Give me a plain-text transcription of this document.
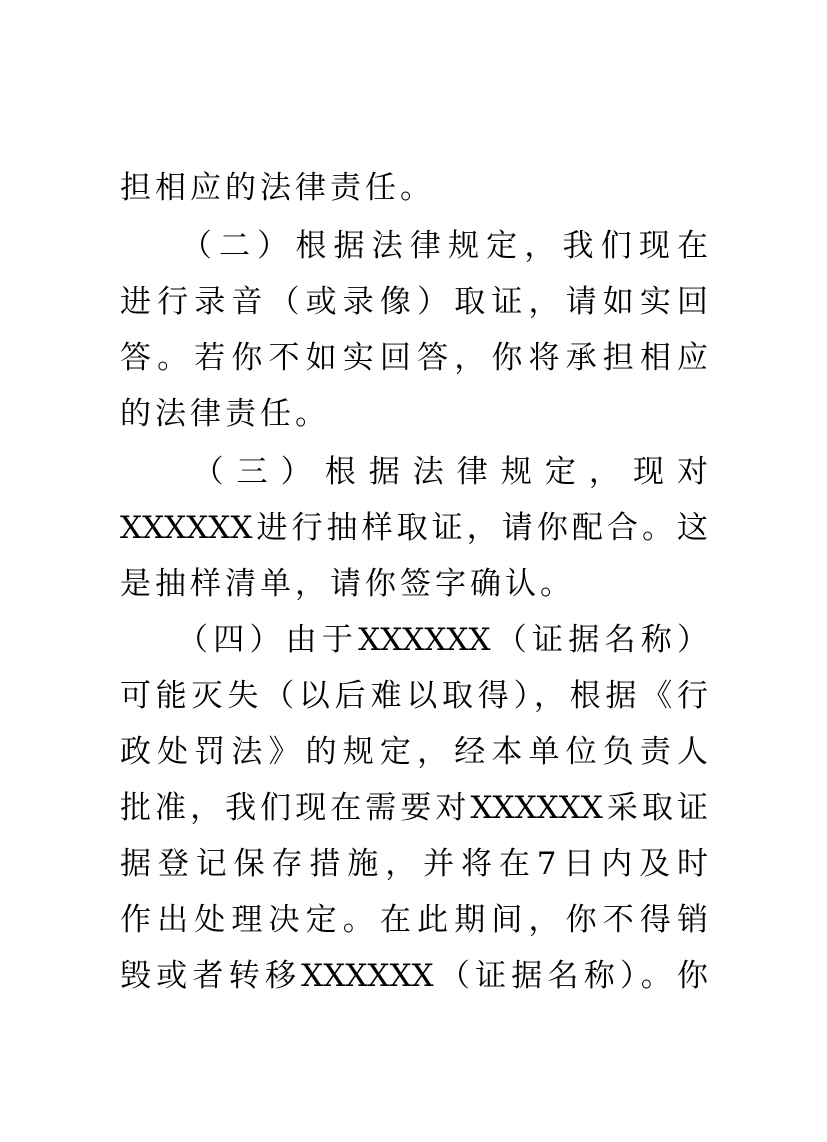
担相应的法律责任。

　　（二）根据法律规定，我们现在

进行录音（或录像）取证，请如实回

答。若你不如实回答，你将承担相应

的法律责任。

　　（三）根据法律规定，现对

XXXXXX进行抽样取证，请你配合。这

是抽样清单，请你签字确认。

　　（四）由于XXXXXX（证据名称）

可能灭失（以后难以取得），根据《行

政处罚法》的规定，经本单位负责人

批准，我们现在需要对XXXXXX采取证

据登记保存措施，并将在7日内及时

作出处理决定。在此期间，你不得销

毁或者转移XXXXXX（证据名称）。你
